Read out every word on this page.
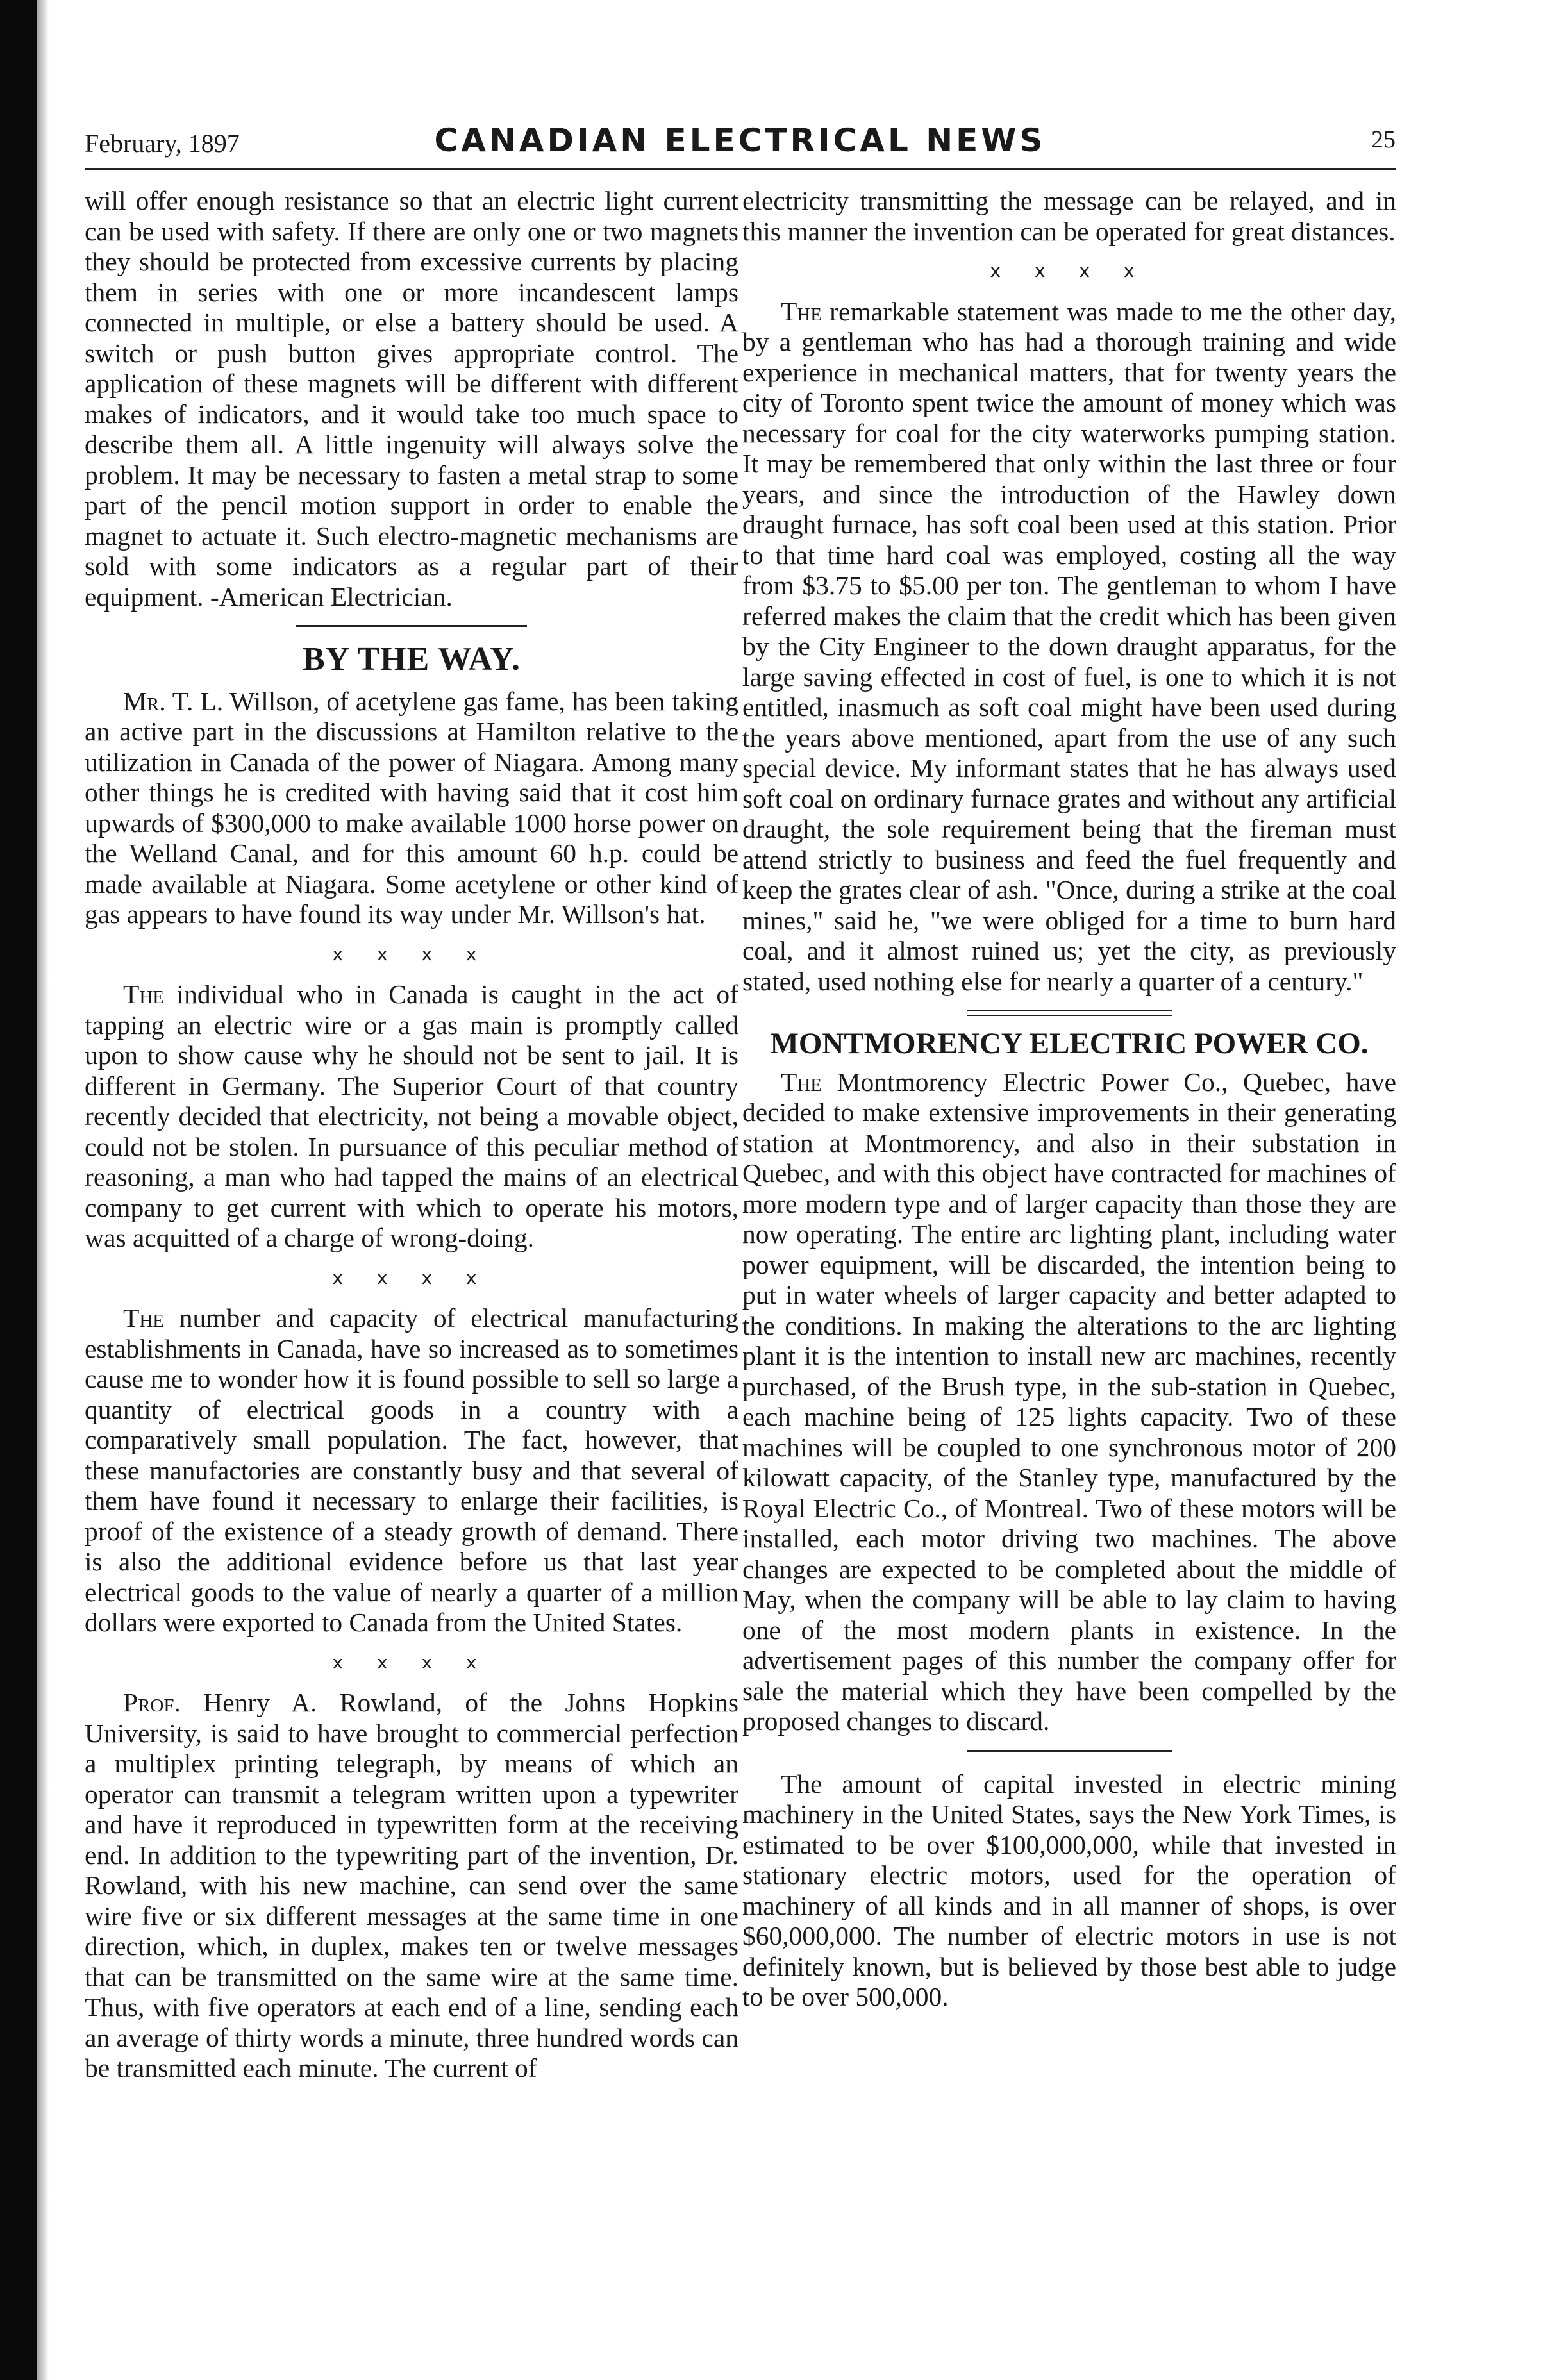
February, 1897	CANADIAN ELECTRICAL NEWS	25

will offer enough resistance so that an electric light current can be used with safety. If there are only one or two magnets they should be protected from excessive currents by placing them in series with one or more incandescent lamps connected in multiple, or else a battery should be used. A switch or push button gives appropriate control. The application of these magnets will be different with different makes of indicators, and it would take too much space to describe them all. A little ingenuity will always solve the problem. It may be necessary to fasten a metal strap to some part of the pencil motion support in order to enable the magnet to actuate it. Such electro-magnetic mechanisms are sold with some indicators as a regular part of their equipment. -American Electrician.

BY THE WAY.

Mr. T. L. Willson, of acetylene gas fame, has been taking an active part in the discussions at Hamilton relative to the utilization in Canada of the power of Niagara. Among many other things he is credited with having said that it cost him upwards of $300,000 to make available 1000 horse power on the Welland Canal, and for this amount 60 h.p. could be made available at Niagara. Some acetylene or other kind of gas appears to have found its way under Mr. Willson's hat.

x x x x

The individual who in Canada is caught in the act of tapping an electric wire or a gas main is promptly called upon to show cause why he should not be sent to jail. It is different in Germany. The Superior Court of that country recently decided that electricity, not being a movable object, could not be stolen. In pursuance of this peculiar method of reasoning, a man who had tapped the mains of an electrical company to get current with which to operate his motors, was acquitted of a charge of wrong-doing.

x x x x

The number and capacity of electrical manufacturing establishments in Canada, have so increased as to sometimes cause me to wonder how it is found possible to sell so large a quantity of electrical goods in a country with a comparatively small population. The fact, however, that these manufactories are constantly busy and that several of them have found it necessary to enlarge their facilities, is proof of the existence of a steady growth of demand. There is also the additional evidence before us that last year electrical goods to the value of nearly a quarter of a million dollars were exported to Canada from the United States.

x x x x

Prof. Henry A. Rowland, of the Johns Hopkins University, is said to have brought to commercial perfection a multiplex printing telegraph, by means of which an operator can transmit a telegram written upon a typewriter and have it reproduced in typewritten form at the receiving end. In addition to the typewriting part of the invention, Dr. Rowland, with his new machine, can send over the same wire five or six different messages at the same time in one direction, which, in duplex, makes ten or twelve messages that can be transmitted on the same wire at the same time. Thus, with five operators at each end of a line, sending each an average of thirty words a minute, three hundred words can be transmitted each minute. The current of

electricity transmitting the message can be relayed, and in this manner the invention can be operated for great distances.

x x x x

The remarkable statement was made to me the other day, by a gentleman who has had a thorough training and wide experience in mechanical matters, that for twenty years the city of Toronto spent twice the amount of money which was necessary for coal for the city waterworks pumping station. It may be remembered that only within the last three or four years, and since the introduction of the Hawley down draught furnace, has soft coal been used at this station. Prior to that time hard coal was employed, costing all the way from $3.75 to $5.00 per ton. The gentleman to whom I have referred makes the claim that the credit which has been given by the City Engineer to the down draught apparatus, for the large saving effected in cost of fuel, is one to which it is not entitled, inasmuch as soft coal might have been used during the years above mentioned, apart from the use of any such special device. My informant states that he has always used soft coal on ordinary furnace grates and without any artificial draught, the sole requirement being that the fireman must attend strictly to business and feed the fuel frequently and keep the grates clear of ash. "Once, during a strike at the coal mines," said he, "we were obliged for a time to burn hard coal, and it almost ruined us; yet the city, as previously stated, used nothing else for nearly a quarter of a century."

MONTMORENCY ELECTRIC POWER CO.

The Montmorency Electric Power Co., Quebec, have decided to make extensive improvements in their generating station at Montmorency, and also in their substation in Quebec, and with this object have contracted for machines of more modern type and of larger capacity than those they are now operating. The entire arc lighting plant, including water power equipment, will be discarded, the intention being to put in water wheels of larger capacity and better adapted to the conditions. In making the alterations to the arc lighting plant it is the intention to install new arc machines, recently purchased, of the Brush type, in the sub-station in Quebec, each machine being of 125 lights capacity. Two of these machines will be coupled to one synchronous motor of 200 kilowatt capacity, of the Stanley type, manufactured by the Royal Electric Co., of Montreal. Two of these motors will be installed, each motor driving two machines. The above changes are expected to be completed about the middle of May, when the company will be able to lay claim to having one of the most modern plants in existence. In the advertisement pages of this number the company offer for sale the material which they have been compelled by the proposed changes to discard.

The amount of capital invested in electric mining machinery in the United States, says the New York Times, is estimated to be over $100,000,000, while that invested in stationary electric motors, used for the operation of machinery of all kinds and in all manner of shops, is over $60,000,000. The number of electric motors in use is not definitely known, but is believed by those best able to judge to be over 500,000.
